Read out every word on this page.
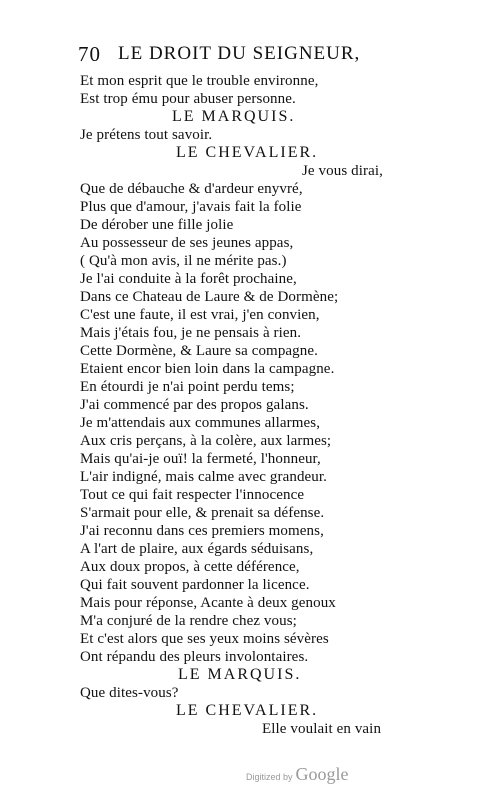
70 LE DROIT DU SEIGNEUR,
Et mon esprit que le trouble environne,
Est trop ému pour abuser personne.
LE MARQUIS.
Je prétens tout savoir.
LE CHEVALIER.
Je vous dirai,
Que de débauche & d'ardeur enyvré,
Plus que d'amour, j'avais fait la folie
De dérober une fille jolie
Au possesseur de ses jeunes appas,
( Qu'à mon avis, il ne mérite pas.)
Je l'ai conduite à la forêt prochaine,
Dans ce Chateau de Laure & de Dormène;
C'est une faute, il est vrai, j'en convien,
Mais j'étais fou, je ne pensais à rien.
Cette Dormène, & Laure sa compagne.
Etaient encor bien loin dans la campagne.
En étourdi je n'ai point perdu tems;
J'ai commencé par des propos galans.
Je m'attendais aux communes allarmes,
Aux cris perçans, à la colère, aux larmes;
Mais qu'ai-je ouï! la fermeté, l'honneur,
L'air indigné, mais calme avec grandeur.
Tout ce qui fait respecter l'innocence
S'armait pour elle, & prenait sa défense.
J'ai reconnu dans ces premiers momens,
A l'art de plaire, aux égards séduisans,
Aux doux propos, à cette déférence,
Qui fait souvent pardonner la licence.
Mais pour réponse, Acante à deux genoux
M'a conjuré de la rendre chez vous;
Et c'est alors que ses yeux moins sévères
Ont répandu des pleurs involontaires.
LE MARQUIS.
Que dites-vous?
LE CHEVALIER.
Elle voulait en vain
Digitized by Google
